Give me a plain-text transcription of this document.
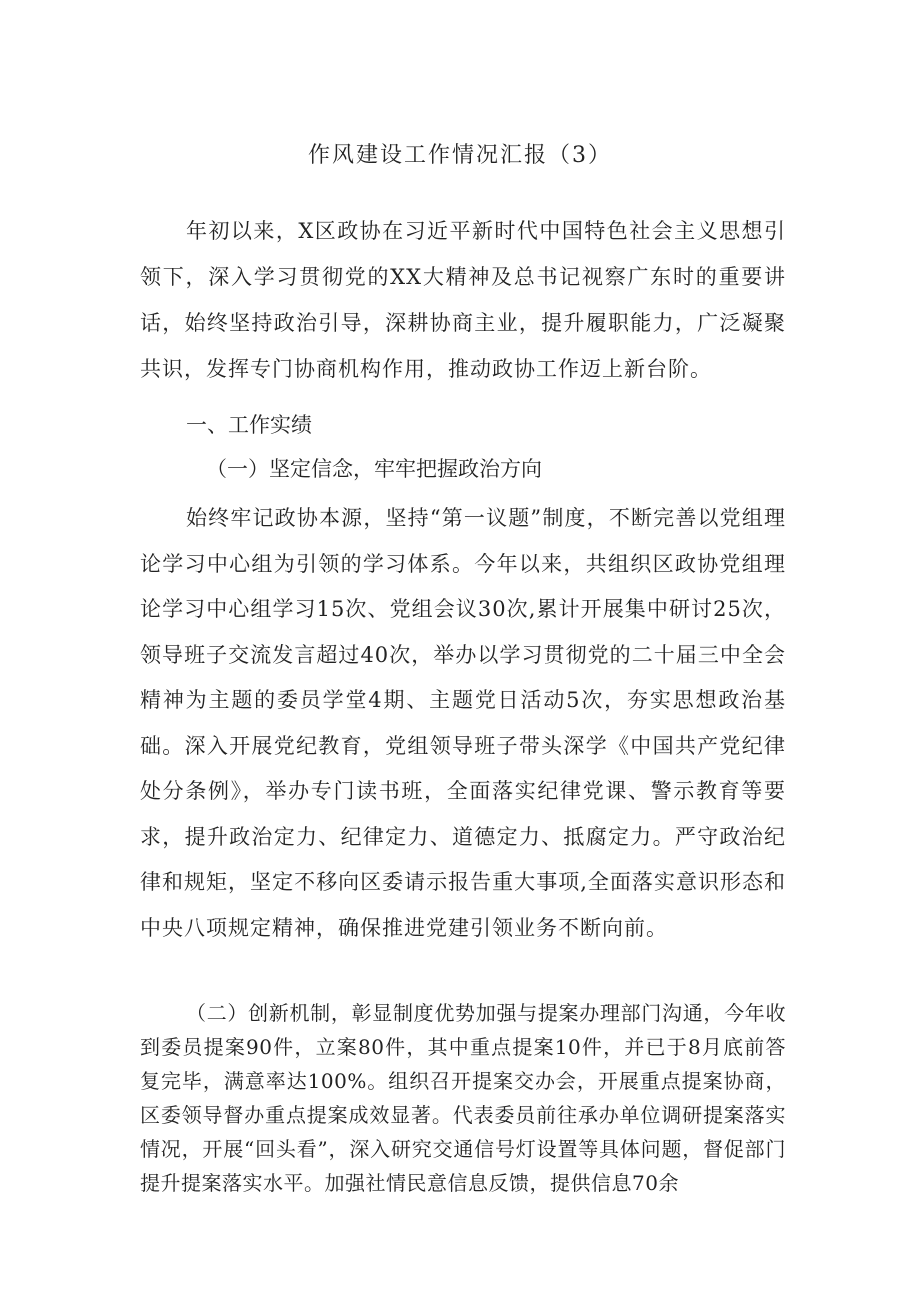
作风建设工作情况汇报（3）

年初以来，X区政协在习近平新时代中国特色社会主义思想引领下，深入学习贯彻党的XX大精神及总书记视察广东时的重要讲话，始终坚持政治引导，深耕协商主业，提升履职能力，广泛凝聚共识，发挥专门协商机构作用，推动政协工作迈上新台阶。

一、工作实绩

（一）坚定信念，牢牢把握政治方向

始终牢记政协本源，坚持“第一议题”制度，不断完善以党组理论学习中心组为引领的学习体系。今年以来，共组织区政协党组理论学习中心组学习15次、党组会议30次,累计开展集中研讨25次，领导班子交流发言超过40次，举办以学习贯彻党的二十届三中全会精神为主题的委员学堂4期、主题党日活动5次，夯实思想政治基础。深入开展党纪教育，党组领导班子带头深学《中国共产党纪律处分条例》，举办专门读书班，全面落实纪律党课、警示教育等要求，提升政治定力、纪律定力、道德定力、抵腐定力。严守政治纪律和规矩，坚定不移向区委请示报告重大事项,全面落实意识形态和中央八项规定精神，确保推进党建引领业务不断向前。

（二）创新机制，彰显制度优势加强与提案办理部门沟通，今年收到委员提案90件，立案80件，其中重点提案10件，并已于8月底前答复完毕，满意率达100%。组织召开提案交办会，开展重点提案协商，区委领导督办重点提案成效显著。代表委员前往承办单位调研提案落实情况，开展“回头看”，深入研究交通信号灯设置等具体问题，督促部门提升提案落实水平。加强社情民意信息反馈，提供信息70余
